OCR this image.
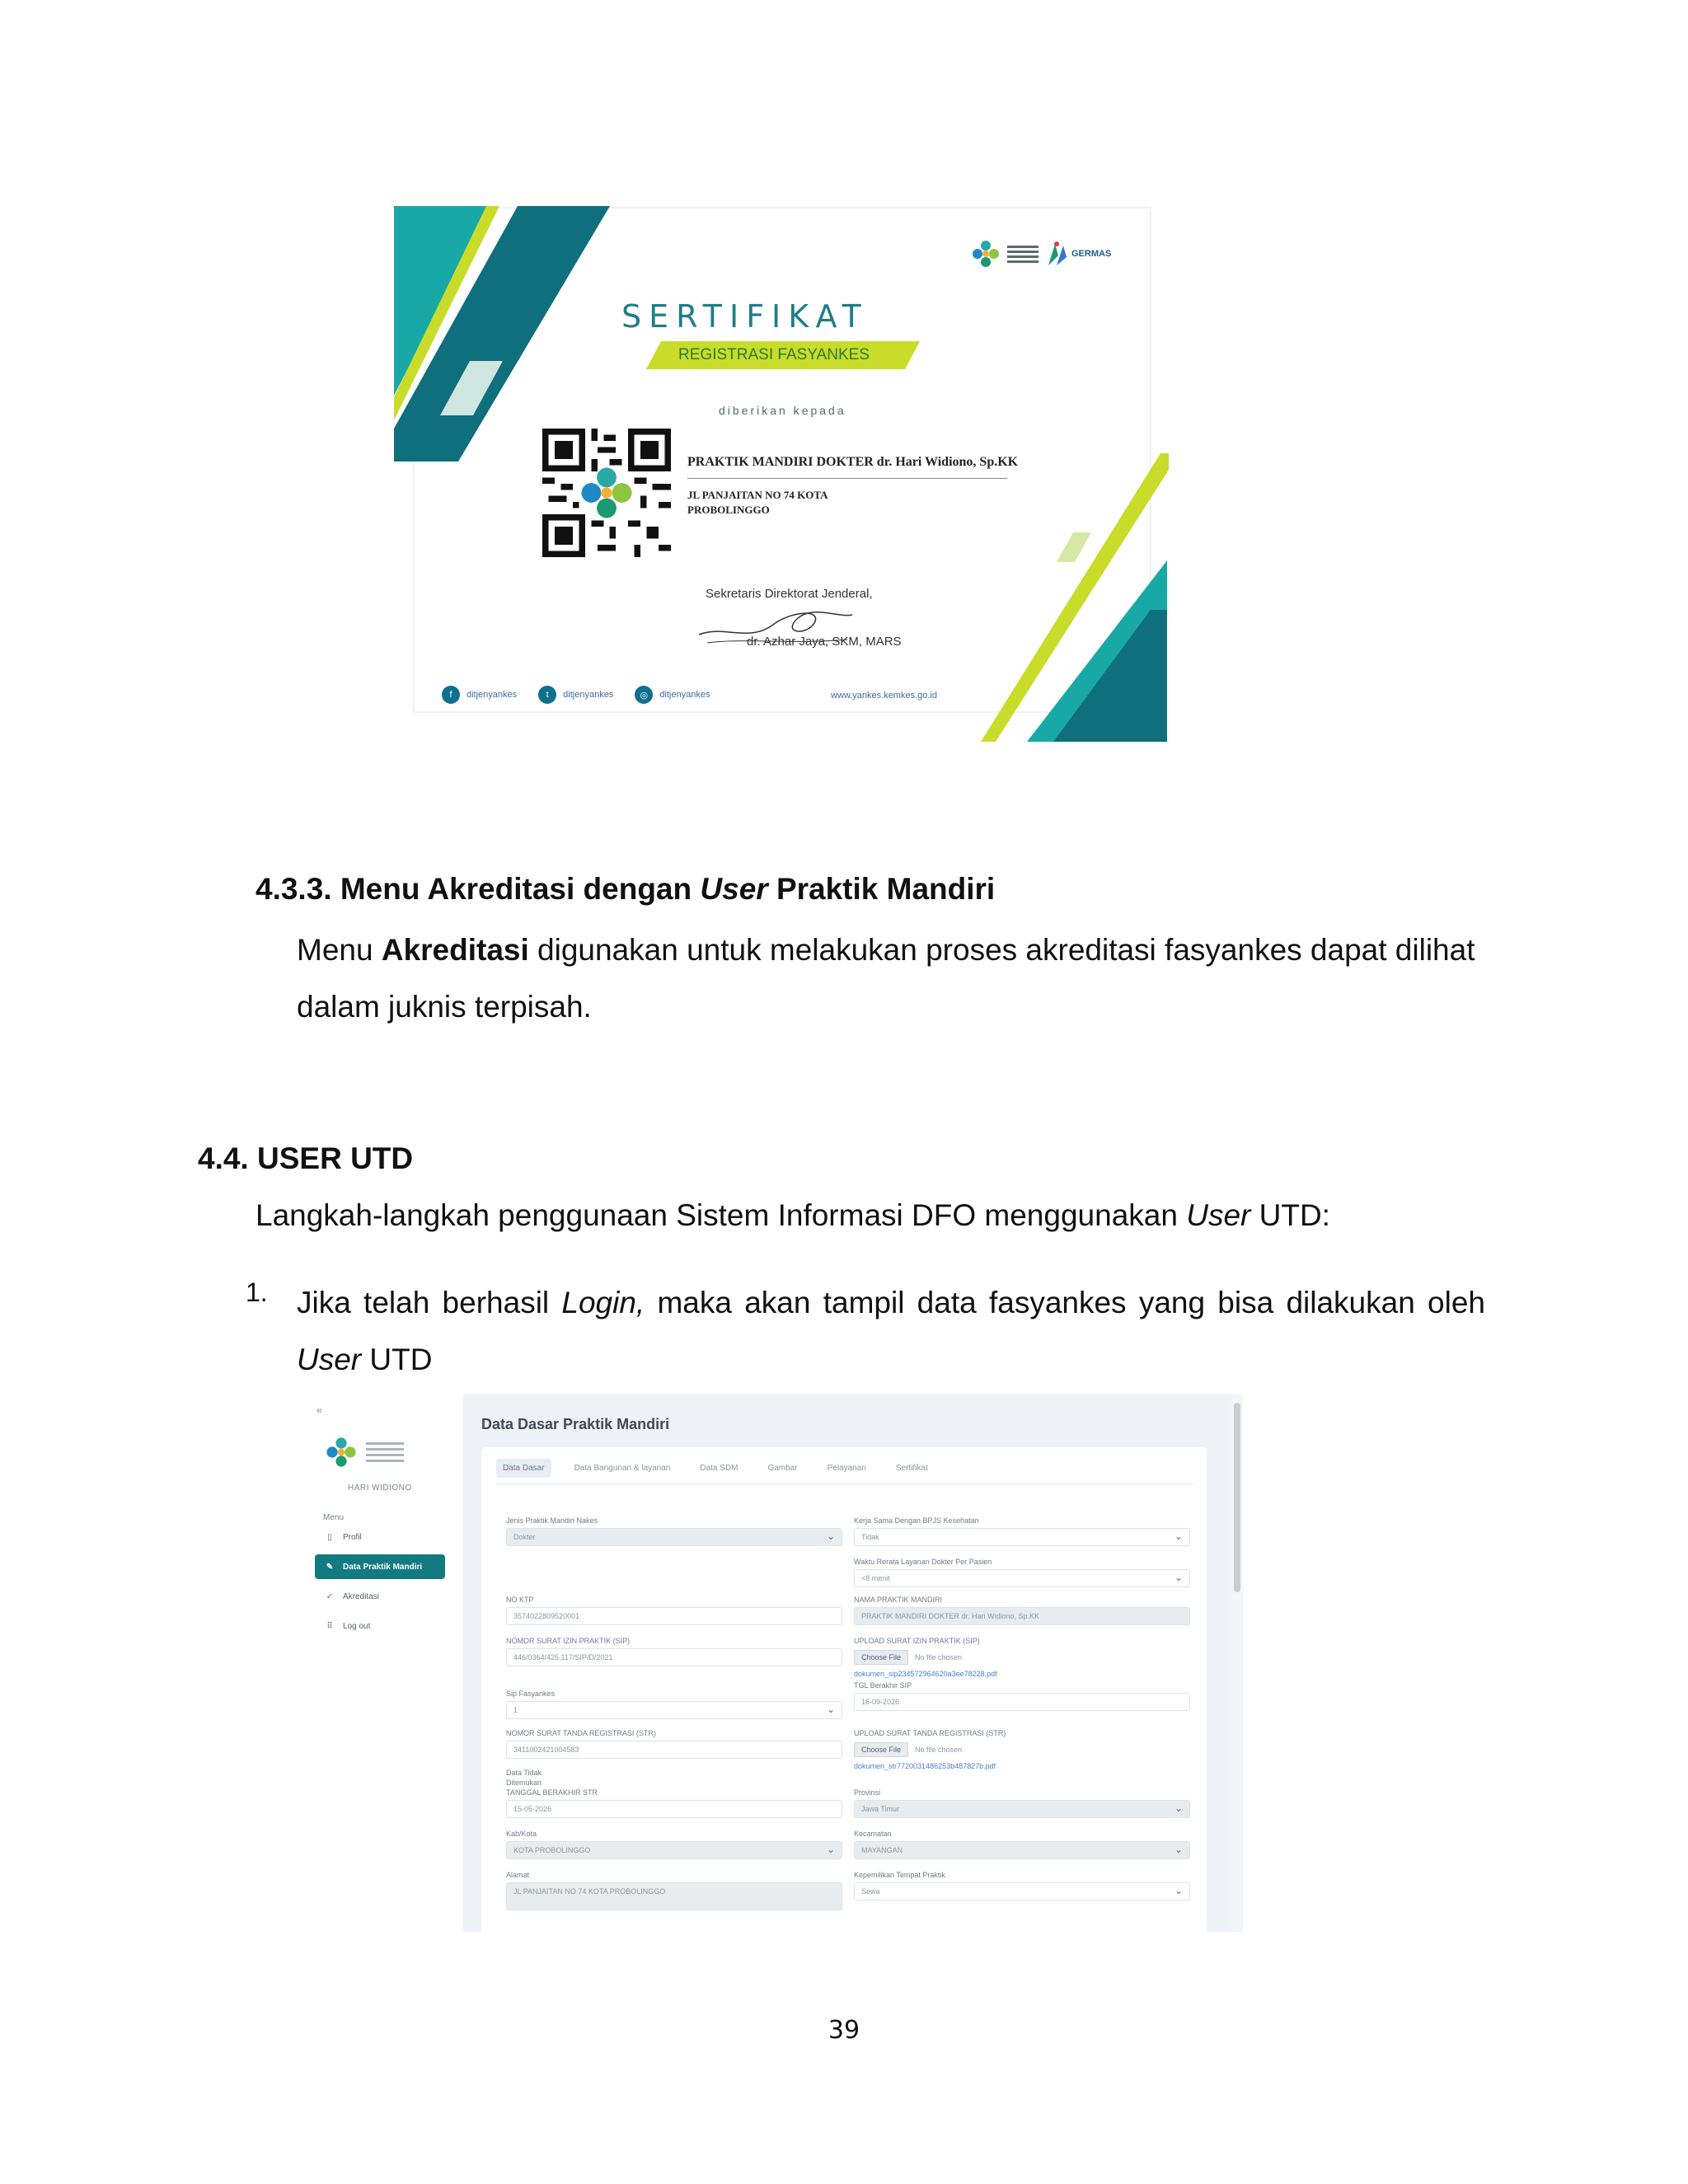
GERMAS
SERTIFIKAT
REGISTRASI FASYANKES
diberikan kepada
PRAKTIK MANDIRI DOKTER dr. Hari Widiono, Sp.KK
JL PANJAITAN NO 74 KOTA PROBOLINGGO
Sekretaris Direktorat Jenderal,
dr. Azhar Jaya, SKM, MARS
f	ditjenyankes	t	ditjenyankes	◎	ditjenyankes	www.yankes.kemkes.go.id
4.3.3. Menu Akreditasi dengan User Praktik Mandiri
Menu Akreditasi digunakan untuk melakukan proses akreditasi fasyankes dapat dilihat dalam juknis terpisah.
4.4. USER UTD
Langkah-langkah penggunaan Sistem Informasi DFO menggunakan User UTD:
1. Jika telah berhasil Login, maka akan tampil data fasyankes yang bisa dilakukan oleh User UTD
«
HARI WIDIONO
Menu
▯	Profil
✎ Data Praktik Mandiri
✓ Akreditasi
⠿ Log out
Data Dasar Praktik Mandiri
Data Dasar	Data Bangunan & layanan	Data SDM	Gambar	Pelayanan	Sertifikat
Jenis Praktik Mandiri Nakes
Dokter ⌄
NO KTP
3574022809520001
NOMOR SURAT IZIN PRAKTIK (SIP)
446/0364/425.117/SIP/D/2021
Sip Fasyankes
1 ⌄
NOMOR SURAT TANDA REGISTRASI (STR)
3411002421004583
Data Tidak
Ditemukan
TANGGAL BERAKHIR STR
15-05-2026
Kab/Kota
KOTA PROBOLINGGO ⌄
Alamat
JL PANJAITAN NO 74 KOTA PROBOLINGGO
Kerja Sama Dengan BPJS Kesehatan
Tidak ⌄
Waktu Rerata Layanan Dokter Per Pasien
<8 menit ⌄
NAMA PRAKTIK MANDIRI
PRAKTIK MANDIRI DOKTER dr. Hari Widiono, Sp.KK
UPLOAD SURAT IZIN PRAKTIK (SIP)
Choose File	No file chosen
dokumen_sip234572964620a3ee78228.pdf
TGL Berakhir SIP
16-09-2026
UPLOAD SURAT TANDA REGISTRASI (STR)
Choose File	No file chosen
dokumen_str7720031486253b487827b.pdf
Provinsi
Jawa Timur ⌄
Kecamatan
MAYANGAN ⌄
Kepemilikan Tempat Praktik
Sewa ⌄
39
